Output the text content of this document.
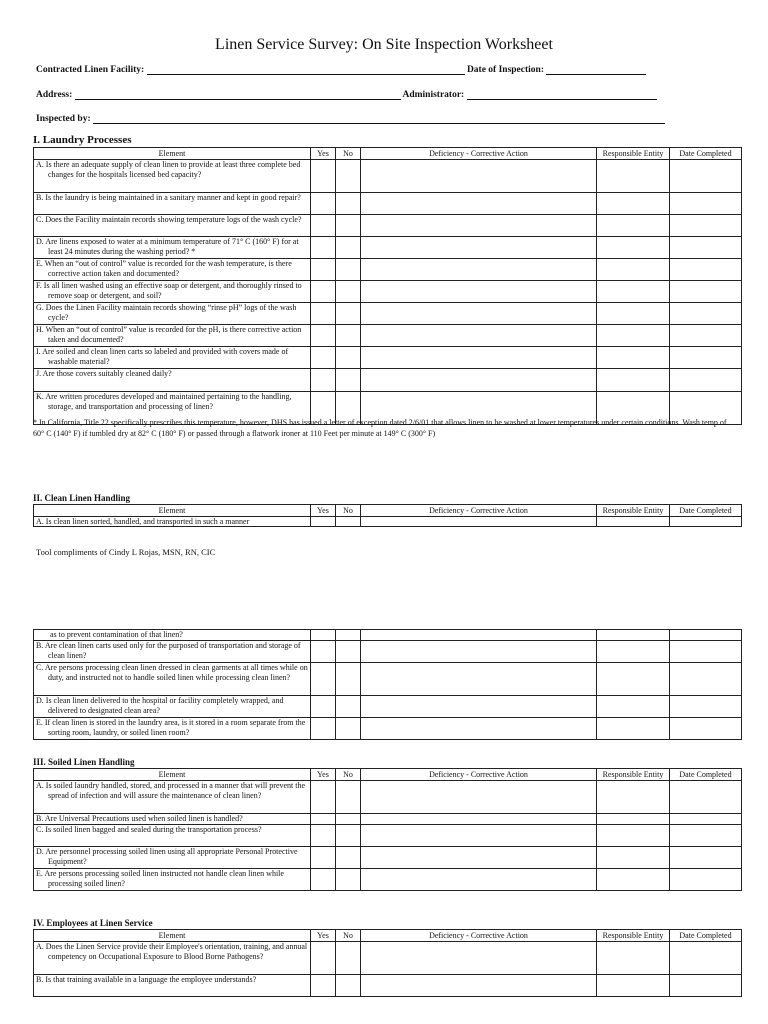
Linen Service Survey: On Site Inspection Worksheet
Contracted Linen Facility:	Date of Inspection:
Address:	Administrator:
Inspected by:
I. Laundry Processes
Element	Yes	No	Deficiency - Corrective Action	Responsible Entity	Date Completed

A. Is there an adequate supply of clean linen to provide at least three complete bed changes for the hospitals licensed bed capacity?					

B. Is the laundry is being maintained in a sanitary manner and kept in good repair?					

C. Does the Facility maintain records showing temperature logs of the wash cycle?					

D. Are linens exposed to water at a minimum temperature of 71° C (160° F) for at least 24 minutes during the washing period? *					

E. When an “out of control” value is recorded for the wash temperature, is there corrective action taken and documented?					

F. Is all linen washed using an effective soap or detergent, and thoroughly rinsed to remove soap or detergent, and soil?					

G. Does the Linen Facility maintain records showing “rinse pH” logs of the wash cycle?					

H. When an “out of control” value is recorded for the pH, is there corrective action taken and documented?					

I. Are soiled and clean linen carts so labeled and provided with covers made of washable material?					

J. Are those covers suitably cleaned daily?					

K. Are written procedures developed and maintained pertaining to the handling, storage, and transportation and processing of linen?					

* In California, Title 22 specifically prescribes this temperature, however, DHS has issued a letter of exception dated 2/6/01 that allows linen to be washed at lower temperatures under certain conditions. Wash temp of 60° C (140° F) if tumbled dry at 82° C (180° F) or passed through a flatwork ironer at 110 Feet per minute at 149° C (300° F)
II. Clean Linen Handling
Element	Yes	No	Deficiency - Corrective Action	Responsible Entity	Date Completed

A. Is clean linen sorted, handled, and transported in such a manner					

Tool compliments of Cindy L Rojas, MSN, RN, CIC
as to prevent contamination of that linen?					

B. Are clean linen carts used only for the purposed of transportation and storage of clean linen?					

C. Are persons processing clean linen dressed in clean garments at all times while on duty, and instructed not to handle soiled linen while processing clean linen?					

D. Is clean linen delivered to the hospital or facility completely wrapped, and delivered to designated clean area?					

E. If clean linen is stored in the laundry area, is it stored in a room separate from the sorting room, laundry, or soiled linen room?					

III. Soiled Linen Handling
Element	Yes	No	Deficiency - Corrective Action	Responsible Entity	Date Completed

A. Is soiled laundry handled, stored, and processed in a manner that will prevent the spread of infection and will assure the maintenance of clean linen?					

B. Are Universal Precautions used when soiled linen is handled?					

C. Is soiled linen bagged and sealed during the transportation process?					

D. Are personnel processing soiled linen using all appropriate Personal Protective Equipment?					

E. Are persons processing soiled linen instructed not handle clean linen while processing soiled linen?					

IV. Employees at Linen Service
Element	Yes	No	Deficiency - Corrective Action	Responsible Entity	Date Completed

A. Does the Linen Service provide their Employee's orientation, training, and annual competency on Occupational Exposure to Blood Borne Pathogens?					

B. Is that training available in a language the employee understands?					
